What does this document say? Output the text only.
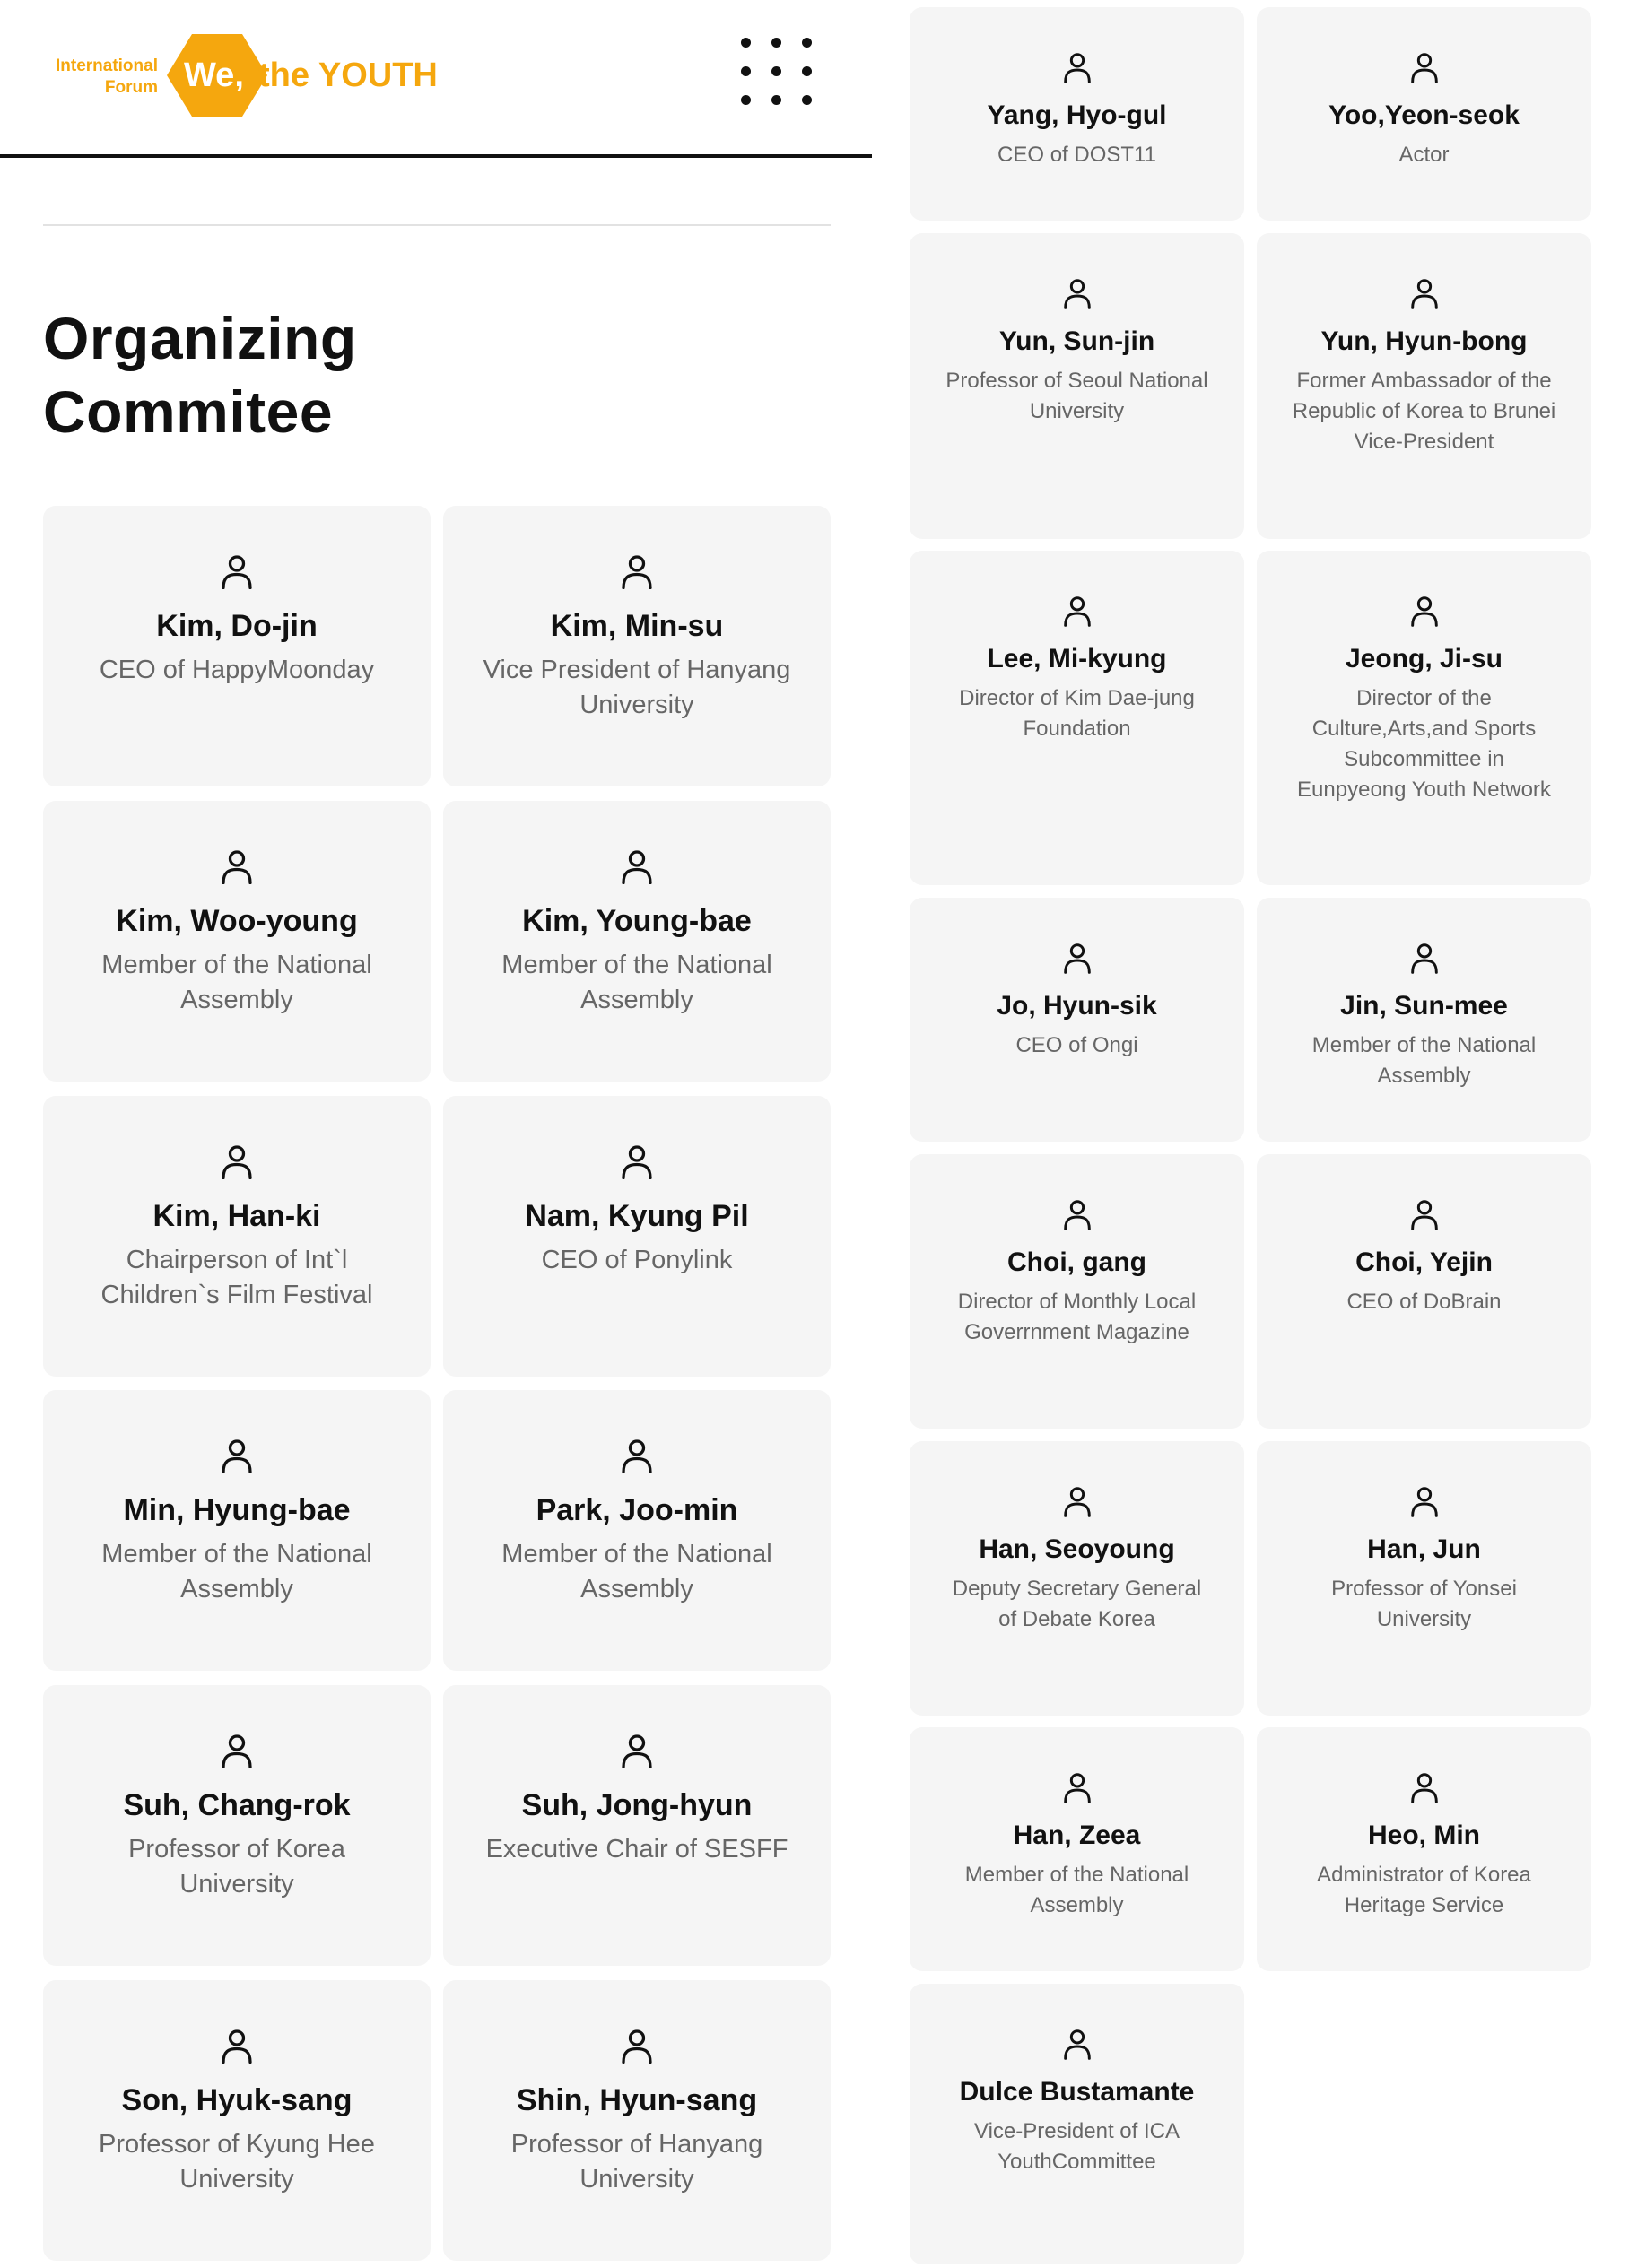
International
Forum We, the YOUTH
Organizing Commitee
Kim, Do-jin
CEO of HappyMoonday
Kim, Min-su
Vice President of Hanyang University
Kim, Woo-young
Member of the National Assembly
Kim, Young-bae
Member of the National Assembly
Kim, Han-ki
Chairperson of Int`l Children`s Film Festival
Nam, Kyung Pil
CEO of Ponylink
Min, Hyung-bae
Member of the National Assembly
Park, Joo-min
Member of the National Assembly
Suh, Chang-rok
Professor of Korea University
Suh, Jong-hyun
Executive Chair of SESFF
Son, Hyuk-sang
Professor of Kyung Hee University
Shin, Hyun-sang
Professor of Hanyang University
Yang, Hyo-gul
CEO of DOST11
Yoo,Yeon-seok
Actor
Yun, Sun-jin
Professor of Seoul National University
Yun, Hyun-bong
Former Ambassador of the Republic of Korea to Brunei Vice-President
Lee, Mi-kyung
Director of Kim Dae-jung Foundation
Jeong, Ji-su
Director of the Culture,Arts,and Sports Subcommittee in Eunpyeong Youth Network
Jo, Hyun-sik
CEO of Ongi
Jin, Sun-mee
Member of the National Assembly
Choi, gang
Director of Monthly Local Goverrnment Magazine
Choi, Yejin
CEO of DoBrain
Han, Seoyoung
Deputy Secretary General of Debate Korea
Han, Jun
Professor of Yonsei University
Han, Zeea
Member of the National Assembly
Heo, Min
Administrator of Korea Heritage Service
Dulce Bustamante
Vice-President of ICA YouthCommittee
